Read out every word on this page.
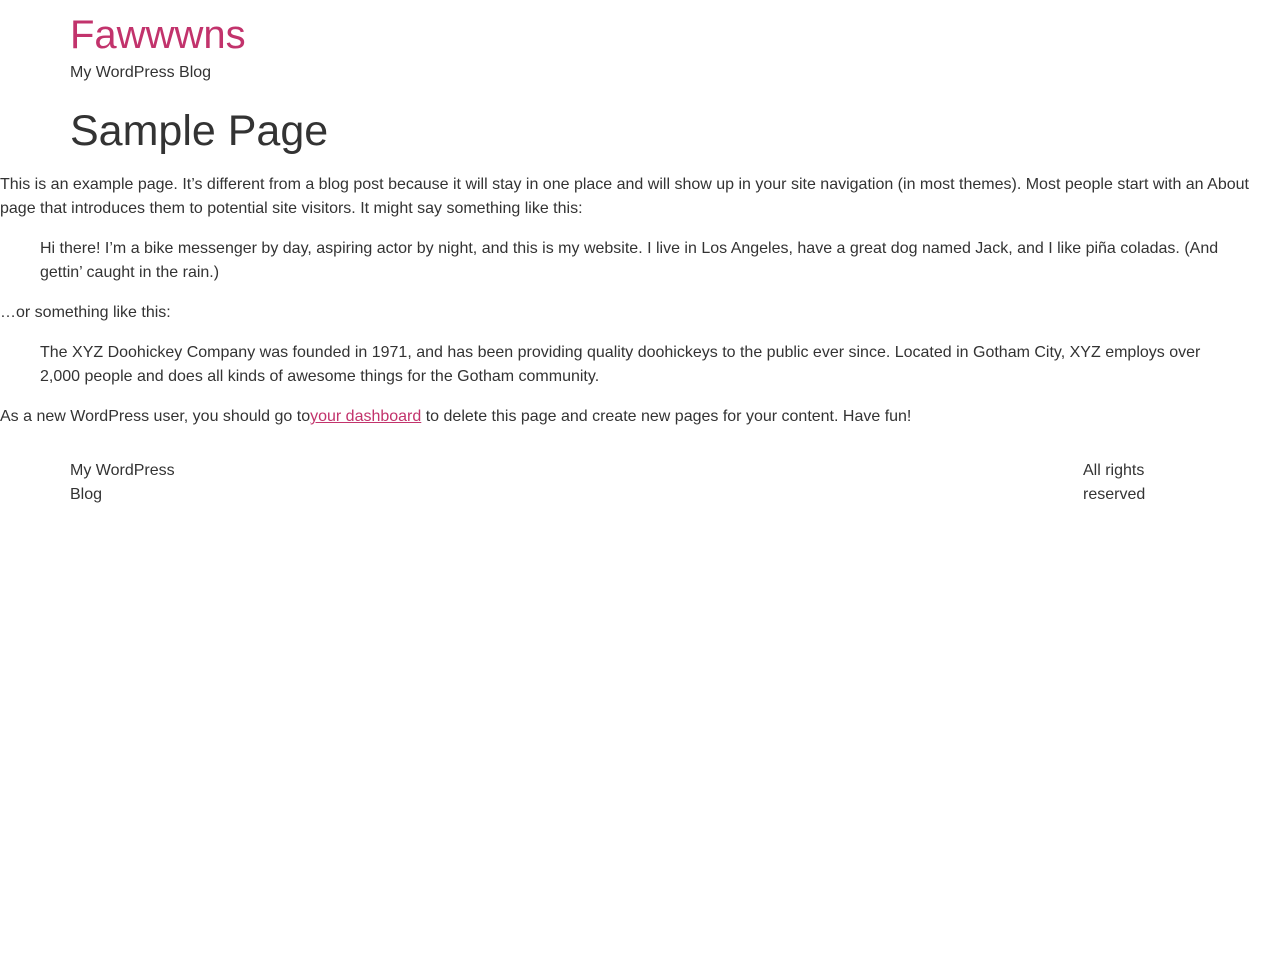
Fawwwns
My WordPress Blog
Sample Page

This is an example page. It’s different from a blog post because it will stay in one place and will show up in your site navigation (in most themes). Most people start with an About page that introduces them to potential site visitors. It might say something like this:

Hi there! I’m a bike messenger by day, aspiring actor by night, and this is my website. I live in Los Angeles, have a great dog named Jack, and I like piña coladas. (And gettin’ caught in the rain.)

…or something like this:

The XYZ Doohickey Company was founded in 1971, and has been providing quality doohickeys to the public ever since. Located in Gotham City, XYZ employs over 2,000 people and does all kinds of awesome things for the Gotham community.

As a new WordPress user, you should go toyour dashboard to delete this page and create new pages for your content. Have fun!

My WordPress Blog
All rights reserved
